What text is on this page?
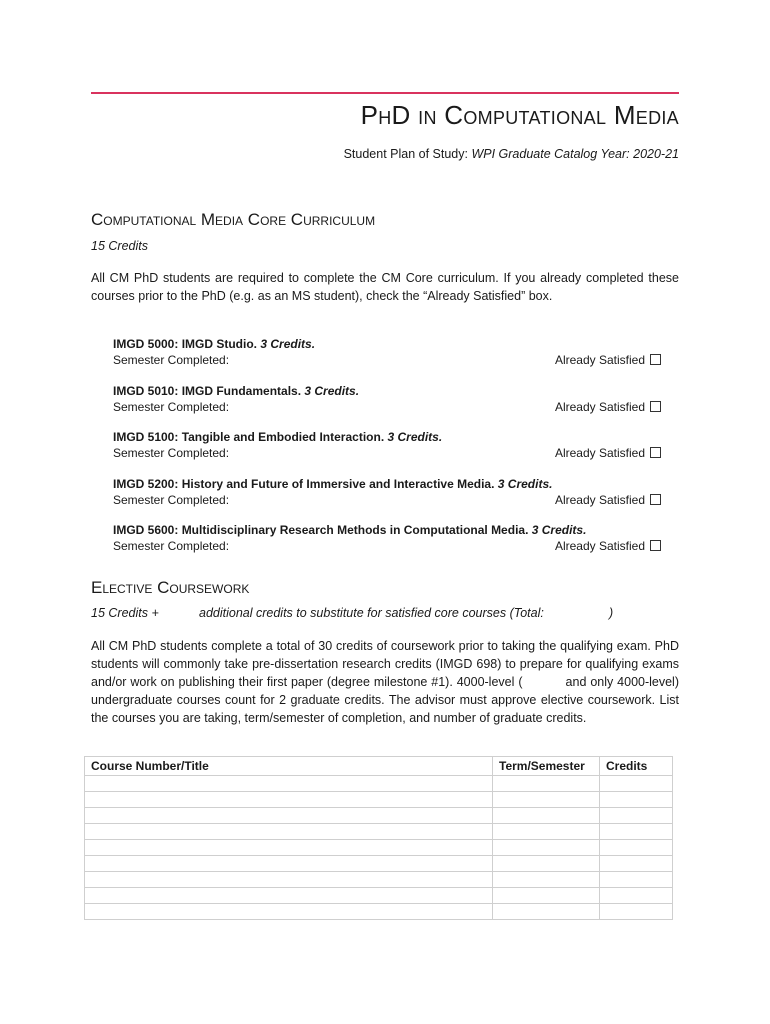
PhD in Computational Media
Student Plan of Study: WPI Graduate Catalog Year: 2020-21
Computational Media Core Curriculum
15 Credits
All CM PhD students are required to complete the CM Core curriculum. If you already completed these courses prior to the PhD (e.g. as an MS student), check the “Already Satisfied” box.
IMGD 5000: IMGD Studio. 3 Credits.
Semester Completed:	Already Satisfied
IMGD 5010: IMGD Fundamentals. 3 Credits.
Semester Completed:	Already Satisfied
IMGD 5100: Tangible and Embodied Interaction. 3 Credits.
Semester Completed:	Already Satisfied
IMGD 5200: History and Future of Immersive and Interactive Media. 3 Credits.
Semester Completed:	Already Satisfied
IMGD 5600: Multidisciplinary Research Methods in Computational Media. 3 Credits.
Semester Completed:	Already Satisfied
Elective Coursework
15 Credits +	additional credits to substitute for satisfied core courses (Total:	)
All CM PhD students complete a total of 30 credits of coursework prior to taking the qualifying exam. PhD students will commonly take pre-dissertation research credits (IMGD 698) to prepare for qualifying exams and/or work on publishing their first paper (degree milestone #1). 4000-level (	and only 4000-level) undergraduate courses count for 2 graduate credits. The advisor must approve elective coursework. List the courses you are taking, term/semester of completion, and number of graduate credits.
Course Number/Title	Term/Semester	Credits
